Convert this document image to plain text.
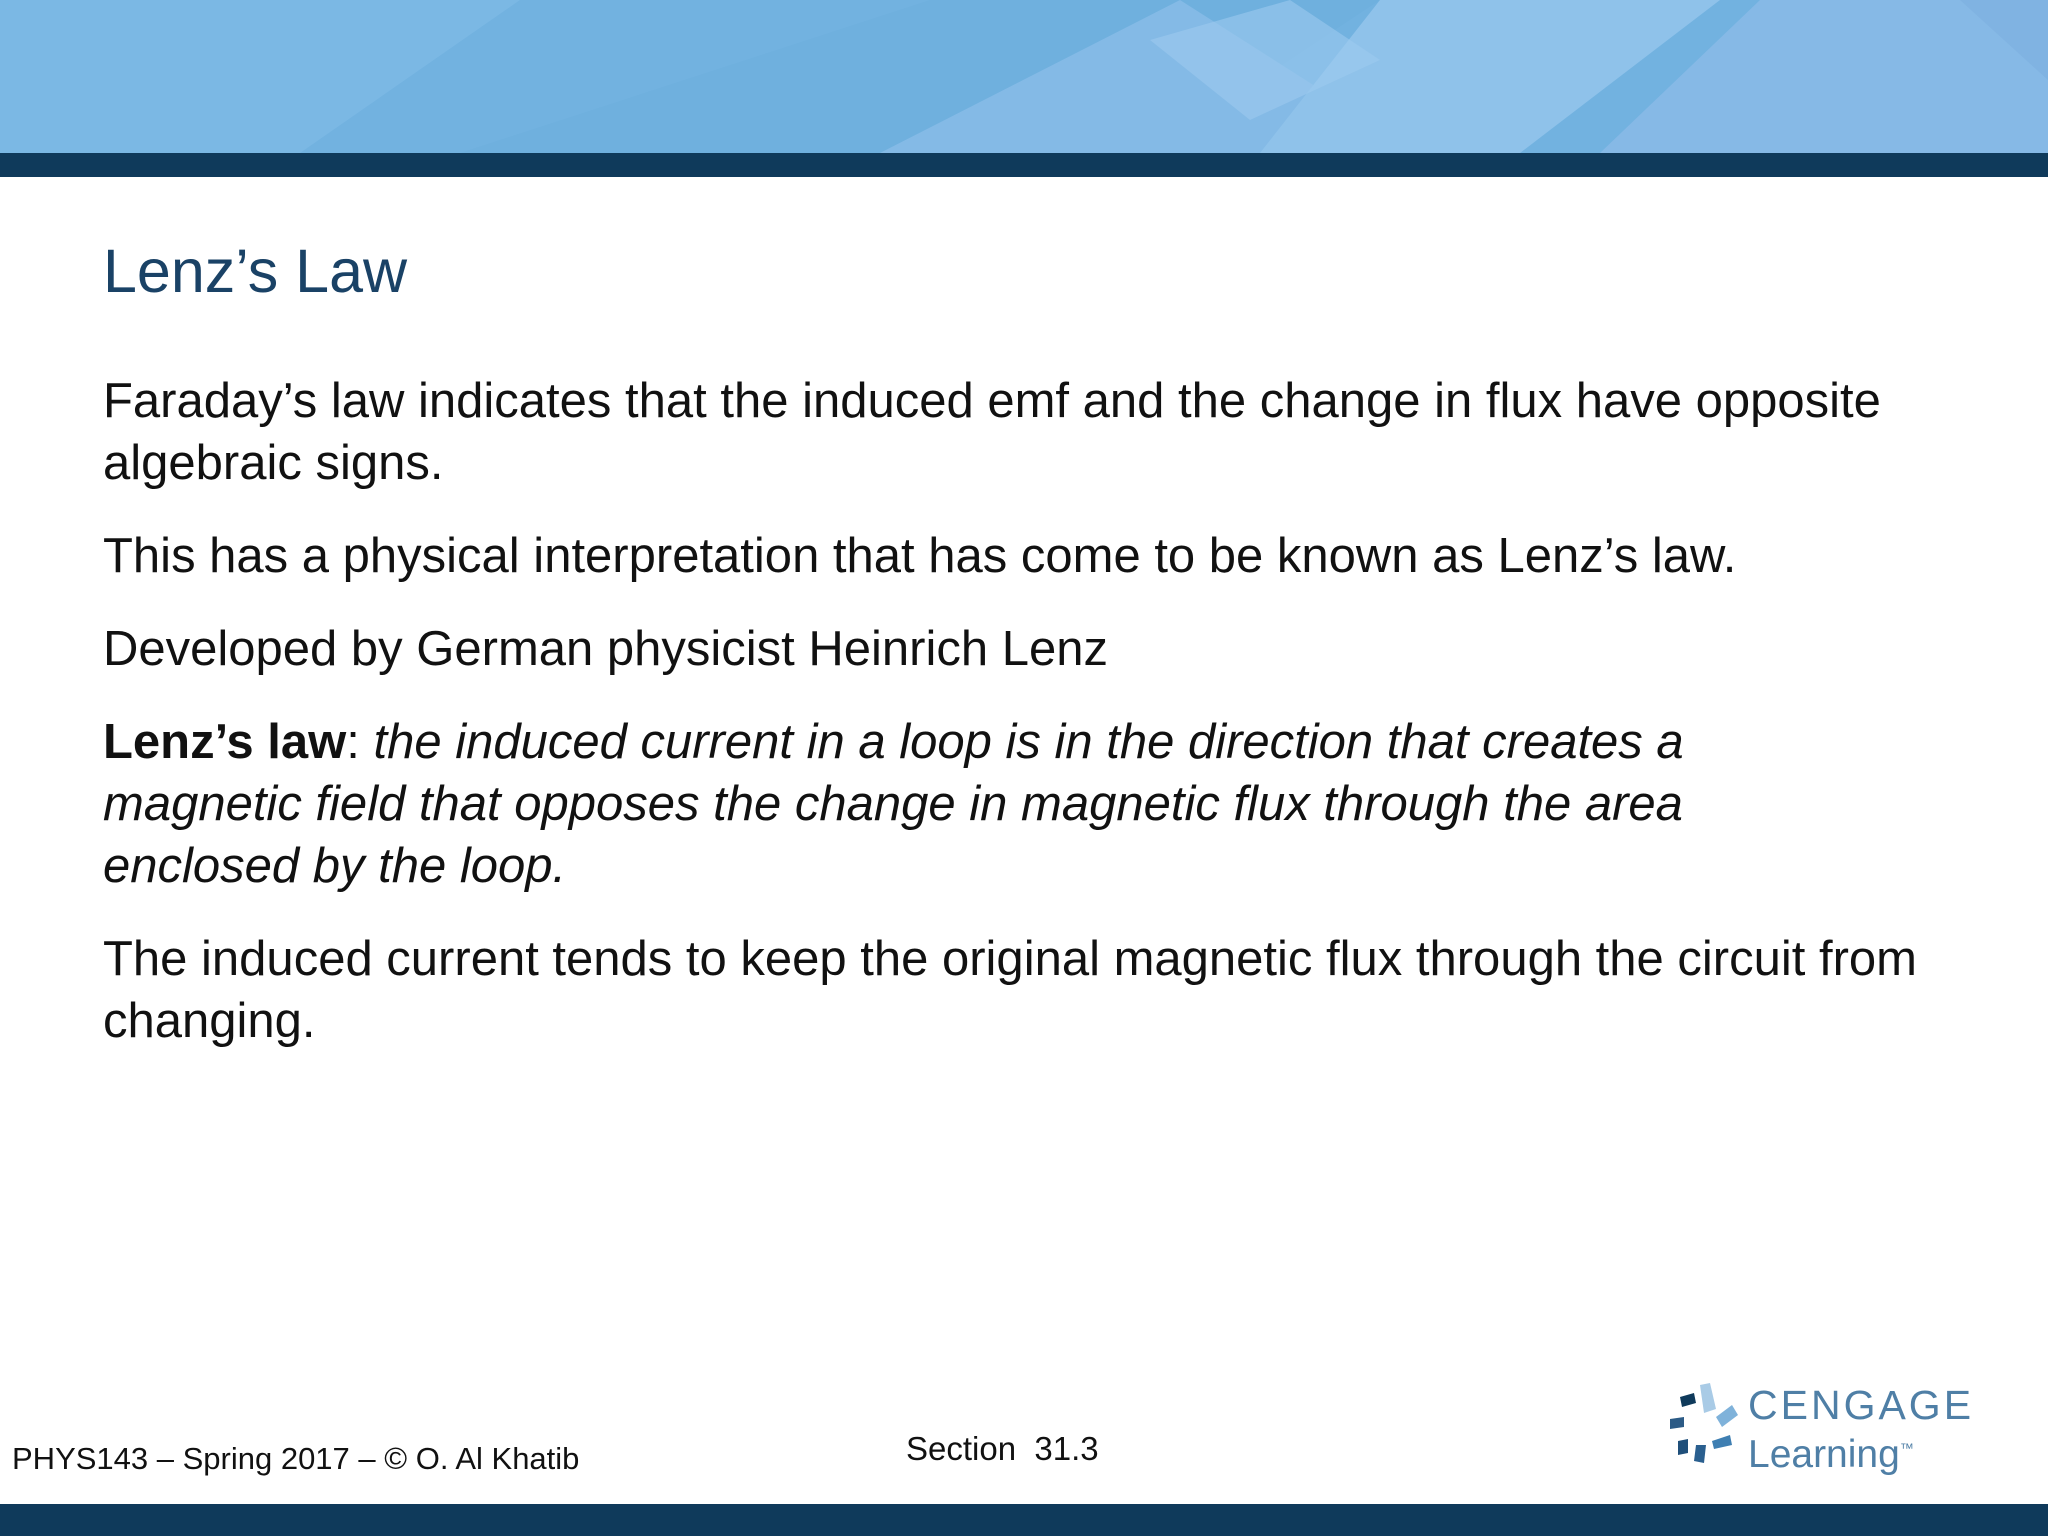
Lenz’s Law

Faraday’s law indicates that the induced emf and the change in flux have opposite algebraic signs.

This has a physical interpretation that has come to be known as Lenz’s law.

Developed by German physicist Heinrich Lenz

Lenz’s law: the induced current in a loop is in the direction that creates a magnetic field that opposes the change in magnetic flux through the area enclosed by the loop.

The induced current tends to keep the original magnetic flux through the circuit from changing.

PHYS143 – Spring 2017 – © O. Al Khatib	Section  31.3
CENGAGE
Learning™
